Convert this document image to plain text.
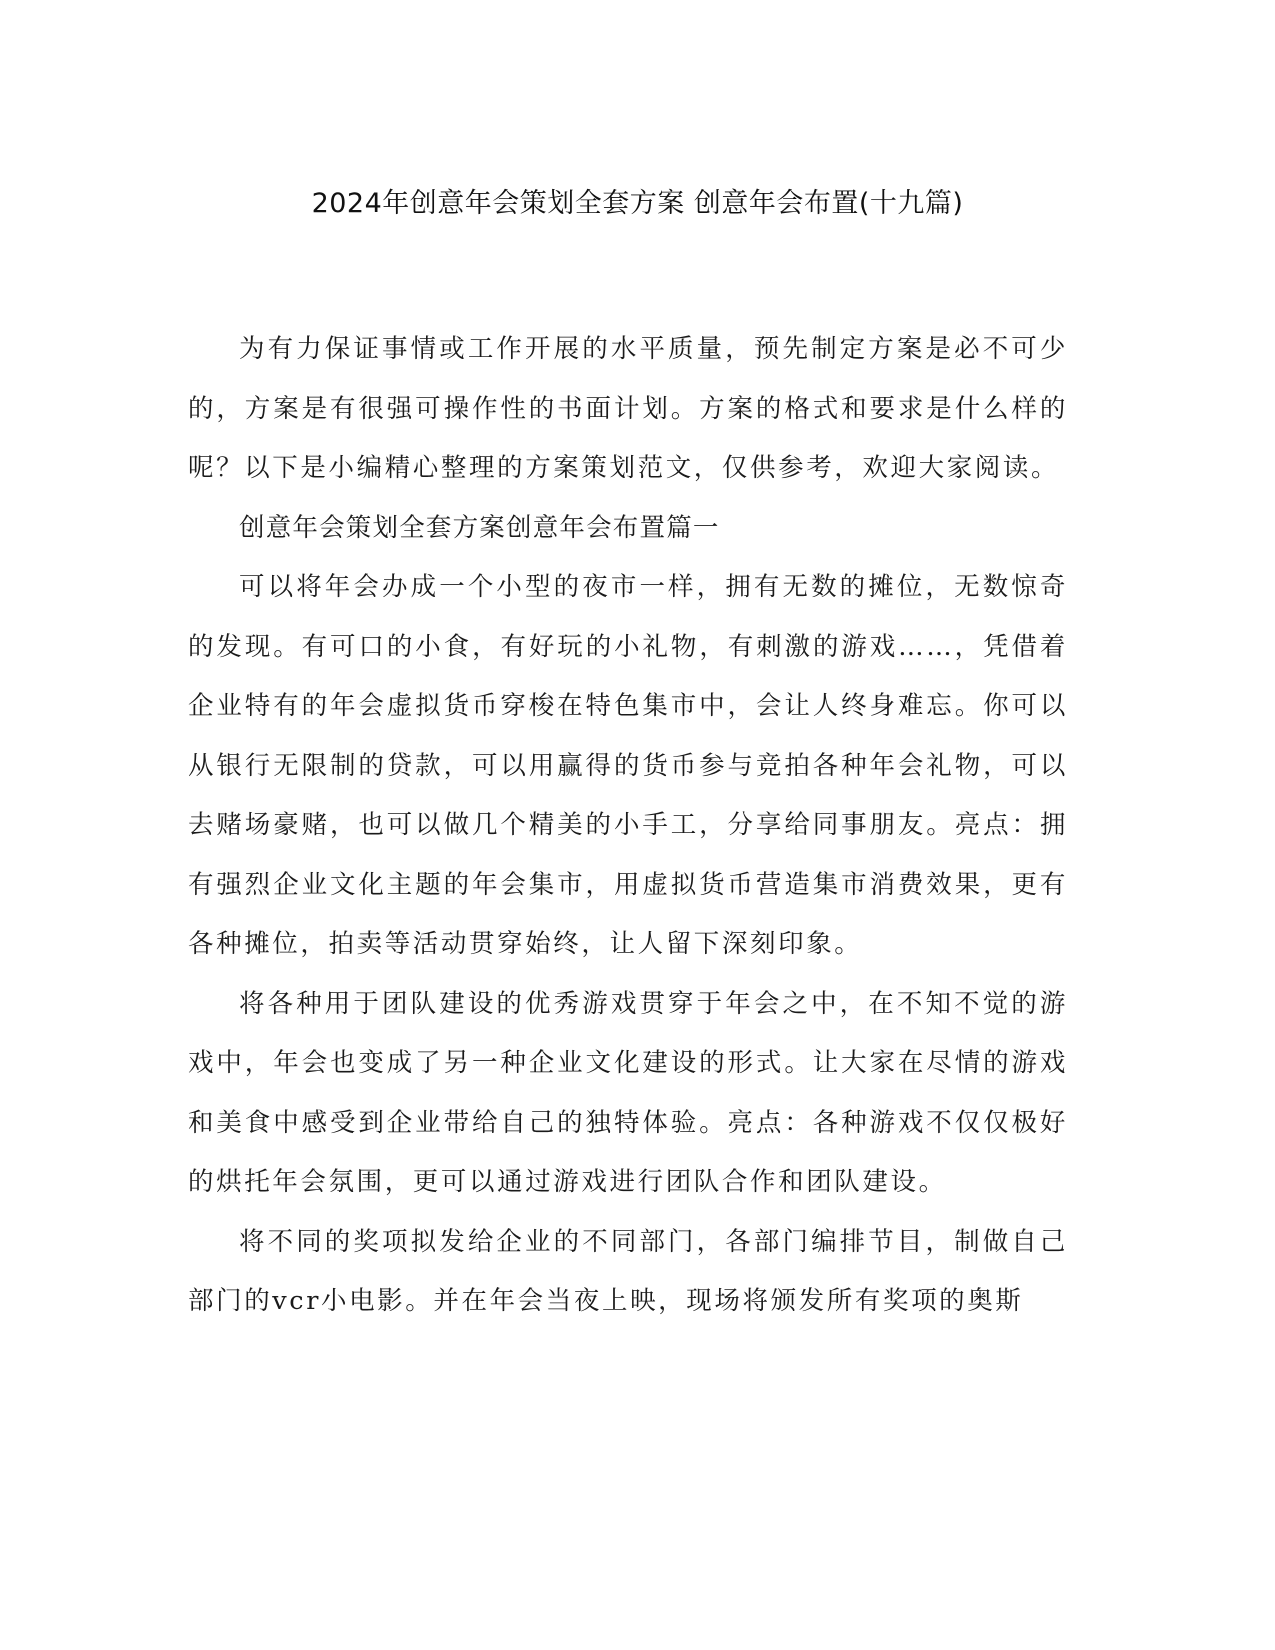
2024年创意年会策划全套方案 创意年会布置(十九篇)

为有力保证事情或工作开展的水平质量，预先制定方案是必不可少的，方案是有很强可操作性的书面计划。方案的格式和要求是什么样的呢？以下是小编精心整理的方案策划范文，仅供参考，欢迎大家阅读。

创意年会策划全套方案创意年会布置篇一

可以将年会办成一个小型的夜市一样，拥有无数的摊位，无数惊奇的发现。有可口的小食，有好玩的小礼物，有刺激的游戏……，凭借着企业特有的年会虚拟货币穿梭在特色集市中，会让人终身难忘。你可以从银行无限制的贷款，可以用赢得的货币参与竞拍各种年会礼物，可以去赌场豪赌，也可以做几个精美的小手工，分享给同事朋友。亮点：拥有强烈企业文化主题的年会集市，用虚拟货币营造集市消费效果，更有各种摊位，拍卖等活动贯穿始终，让人留下深刻印象。

将各种用于团队建设的优秀游戏贯穿于年会之中，在不知不觉的游戏中，年会也变成了另一种企业文化建设的形式。让大家在尽情的游戏和美食中感受到企业带给自己的独特体验。亮点：各种游戏不仅仅极好的烘托年会氛围，更可以通过游戏进行团队合作和团队建设。

将不同的奖项拟发给企业的不同部门，各部门编排节目，制做自己部门的vcr小电影。并在年会当夜上映，现场将颁发所有奖项的奥斯
